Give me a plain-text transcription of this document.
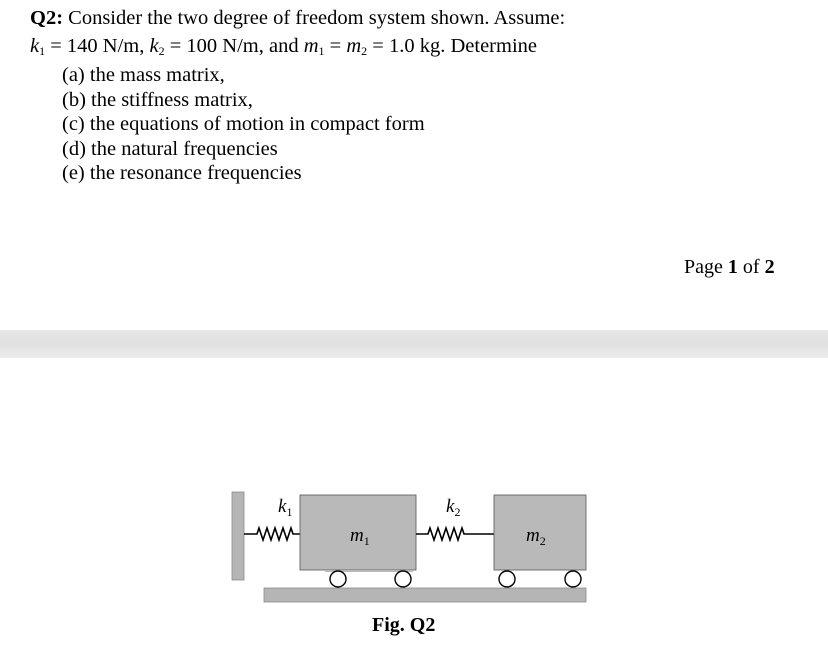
Q2: Consider the two degree of freedom system shown. Assume:
$k_1 = 140$ N/m, $k_2 = 100$ N/m, and $m_1 = m_2 = 1.0$ kg. Determine
(a) the mass matrix,
(b) the stiffness matrix,
(c) the equations of motion in compact form
(d) the natural frequencies
(e) the resonance frequencies
Page 1 of 2
$k_1$
$m_1$
$k_2$
$m_2$
Fig. Q2
